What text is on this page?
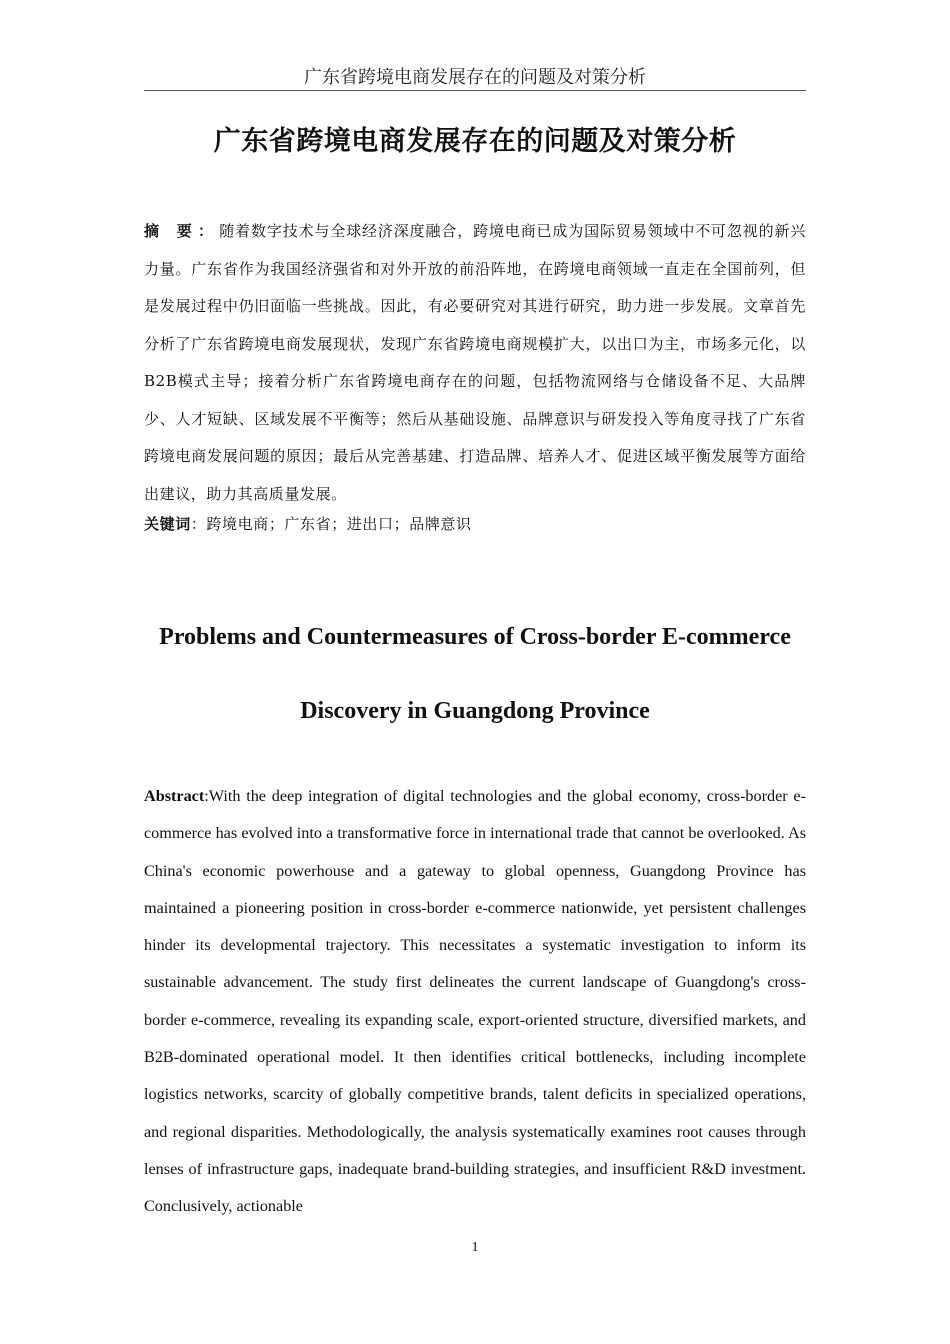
广东省跨境电商发展存在的问题及对策分析
广东省跨境电商发展存在的问题及对策分析
摘 要：随着数字技术与全球经济深度融合，跨境电商已成为国际贸易领域中不可忽视的新兴力量。广东省作为我国经济强省和对外开放的前沿阵地，在跨境电商领域一直走在全国前列，但是发展过程中仍旧面临一些挑战。因此，有必要研究对其进行研究，助力进一步发展。文章首先分析了广东省跨境电商发展现状，发现广东省跨境电商规模扩大，以出口为主，市场多元化，以B2B模式主导；接着分析广东省跨境电商存在的问题，包括物流网络与仓储设备不足、大品牌少、人才短缺、区域发展不平衡等；然后从基础设施、品牌意识与研发投入等角度寻找了广东省跨境电商发展问题的原因；最后从完善基建、打造品牌、培养人才、促进区域平衡发展等方面给出建议，助力其高质量发展。
关键词：跨境电商；广东省；进出口；品牌意识
Problems and Countermeasures of Cross-border E-commerce
Discovery in Guangdong Province
Abstract:With the deep integration of digital technologies and the global economy, cross-border e-commerce has evolved into a transformative force in international trade that cannot be overlooked. As China's economic powerhouse and a gateway to global openness, Guangdong Province has maintained a pioneering position in cross-border e-commerce nationwide, yet persistent challenges hinder its developmental trajectory. This necessitates a systematic investigation to inform its sustainable advancement. The study first delineates the current landscape of Guangdong's cross-border e-commerce, revealing its expanding scale, export-oriented structure, diversified markets, and B2B-dominated operational model. It then identifies critical bottlenecks, including incomplete logistics networks, scarcity of globally competitive brands, talent deficits in specialized operations, and regional disparities. Methodologically, the analysis systematically examines root causes through lenses of infrastructure gaps, inadequate brand-building strategies, and insufficient R&D investment. Conclusively, actionable
1
